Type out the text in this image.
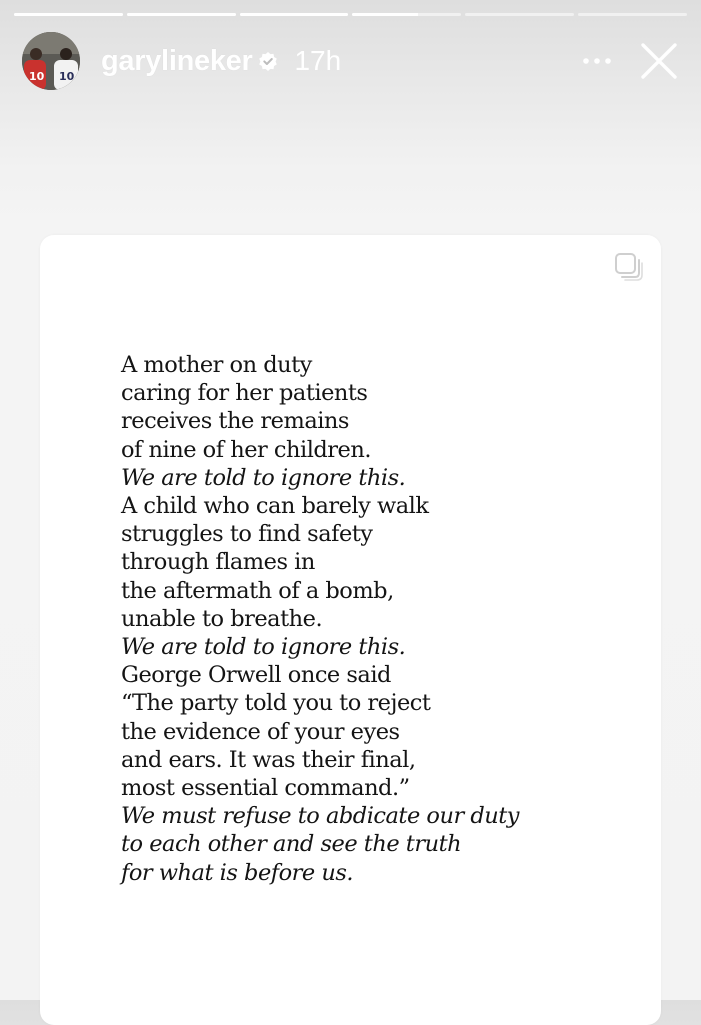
10 10 garylineker 17h
A mother on duty
caring for her patients
receives the remains
of nine of her children.
We are told to ignore this.
A child who can barely walk
struggles to find safety
through flames in
the aftermath of a bomb,
unable to breathe.
We are told to ignore this.
George Orwell once said
“The party told you to reject
the evidence of your eyes
and ears. It was their final,
most essential command.”
We must refuse to abdicate our duty
to each other and see the truth
for what is before us.
